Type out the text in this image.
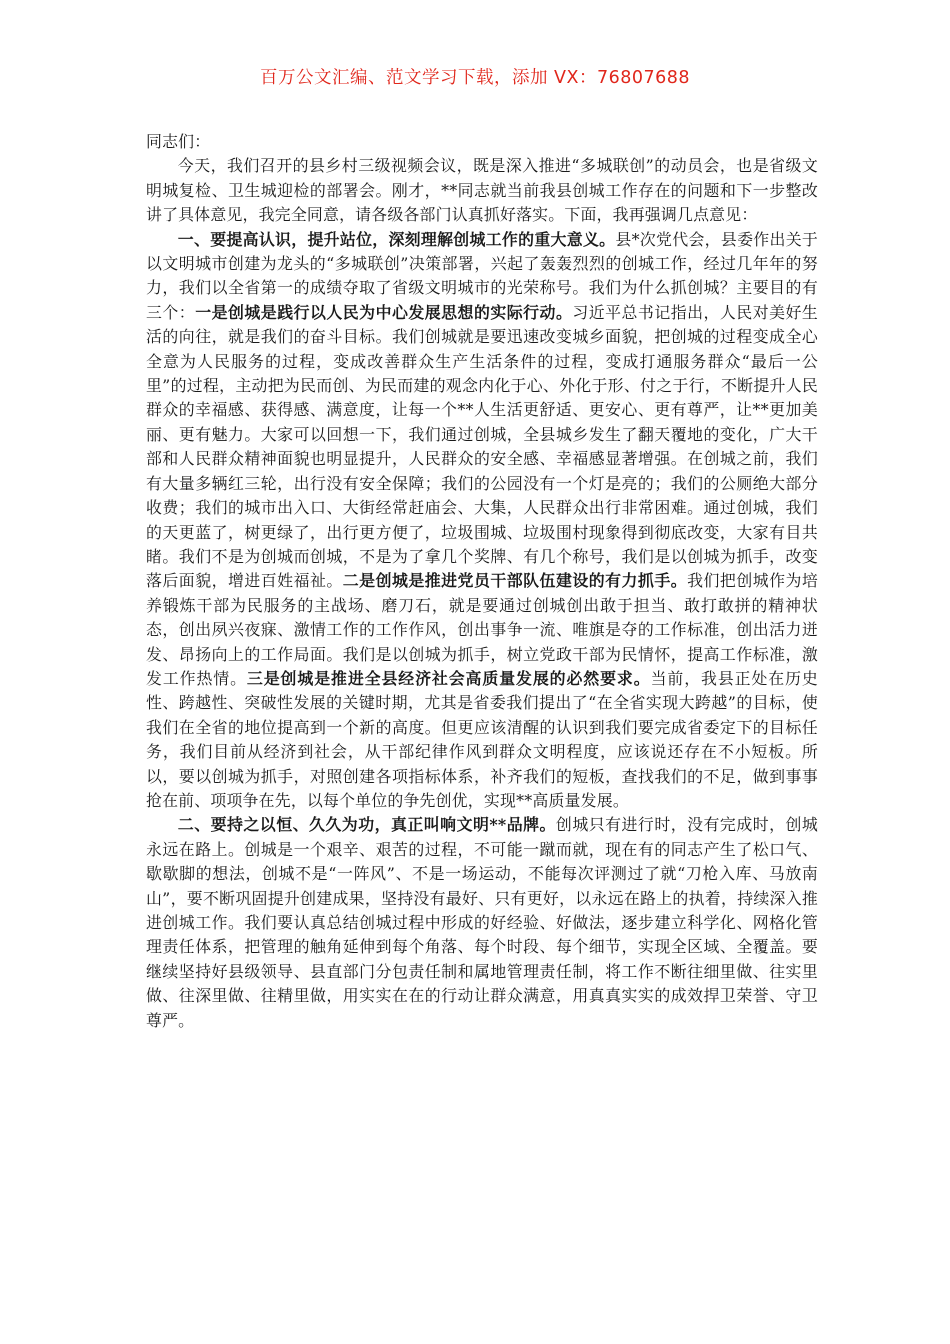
百万公文汇编、范文学习下载，添加 VX：76807688

同志们：

今天，我们召开的县乡村三级视频会议，既是深入推进“多城联创”的动员会，也是省级文明城复检、卫生城迎检的部署会。刚才，**同志就当前我县创城工作存在的问题和下一步整改讲了具体意见，我完全同意，请各级各部门认真抓好落实。下面，我再强调几点意见：

一、要提高认识，提升站位，深刻理解创城工作的重大意义。县*次党代会，县委作出关于以文明城市创建为龙头的“多城联创”决策部署，兴起了轰轰烈烈的创城工作，经过几年年的努力，我们以全省第一的成绩夺取了省级文明城市的光荣称号。我们为什么抓创城？主要目的有三个：一是创城是践行以人民为中心发展思想的实际行动。习近平总书记指出，人民对美好生活的向往，就是我们的奋斗目标。我们创城就是要迅速改变城乡面貌，把创城的过程变成全心全意为人民服务的过程，变成改善群众生产生活条件的过程，变成打通服务群众“最后一公里”的过程，主动把为民而创、为民而建的观念内化于心、外化于形、付之于行，不断提升人民群众的幸福感、获得感、满意度，让每一个**人生活更舒适、更安心、更有尊严，让**更加美丽、更有魅力。大家可以回想一下，我们通过创城，全县城乡发生了翻天覆地的变化，广大干部和人民群众精神面貌也明显提升，人民群众的安全感、幸福感显著增强。在创城之前，我们有大量多辆红三轮，出行没有安全保障；我们的公园没有一个灯是亮的；我们的公厕绝大部分收费；我们的城市出入口、大街经常赶庙会、大集，人民群众出行非常困难。通过创城，我们的天更蓝了，树更绿了，出行更方便了，垃圾围城、垃圾围村现象得到彻底改变，大家有目共睹。我们不是为创城而创城，不是为了拿几个奖牌、有几个称号，我们是以创城为抓手，改变落后面貌，增进百姓福祉。二是创城是推进党员干部队伍建设的有力抓手。我们把创城作为培养锻炼干部为民服务的主战场、磨刀石，就是要通过创城创出敢于担当、敢打敢拼的精神状态，创出夙兴夜寐、激情工作的工作作风，创出事争一流、唯旗是夺的工作标准，创出活力迸发、昂扬向上的工作局面。我们是以创城为抓手，树立党政干部为民情怀，提高工作标准，激发工作热情。三是创城是推进全县经济社会高质量发展的必然要求。当前，我县正处在历史性、跨越性、突破性发展的关键时期，尤其是省委我们提出了“在全省实现大跨越”的目标，使我们在全省的地位提高到一个新的高度。但更应该清醒的认识到我们要完成省委定下的目标任务，我们目前从经济到社会，从干部纪律作风到群众文明程度，应该说还存在不小短板。所以，要以创城为抓手，对照创建各项指标体系，补齐我们的短板，查找我们的不足，做到事事抢在前、项项争在先，以每个单位的争先创优，实现**高质量发展。

二、要持之以恒、久久为功，真正叫响文明**品牌。创城只有进行时，没有完成时，创城永远在路上。创城是一个艰辛、艰苦的过程，不可能一蹴而就，现在有的同志产生了松口气、歇歇脚的想法，创城不是“一阵风”、不是一场运动，不能每次评测过了就“刀枪入库、马放南山”，要不断巩固提升创建成果，坚持没有最好、只有更好，以永远在路上的执着，持续深入推进创城工作。我们要认真总结创城过程中形成的好经验、好做法，逐步建立科学化、网格化管理责任体系，把管理的触角延伸到每个角落、每个时段、每个细节，实现全区域、全覆盖。要继续坚持好县级领导、县直部门分包责任制和属地管理责任制，将工作不断往细里做、往实里做、往深里做、往精里做，用实实在在的行动让群众满意，用真真实实的成效捍卫荣誉、守卫尊严。
